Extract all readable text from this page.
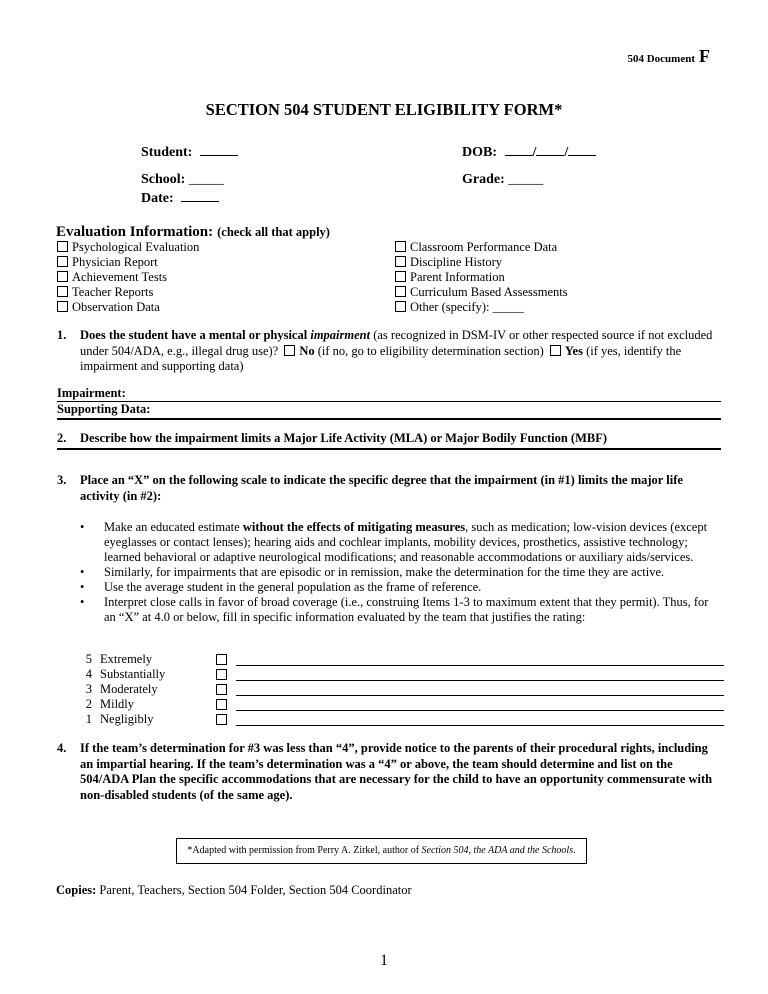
504 Document F
SECTION 504 STUDENT ELIGIBILITY FORM*
Student:	DOB:	/ /
School: _____
Date:
Grade: _____
Evaluation Information: (check all that apply)
Psychological Evaluation
Physician Report
Achievement Tests
Teacher Reports
Observation Data
Classroom Performance Data
Discipline History
Parent Information
Curriculum Based Assessments
Other (specify): _____
1. Does the student have a mental or physical impairment (as recognized in DSM-IV or other respected source if not excluded under 504/ADA, e.g., illegal drug use)? No (if no, go to eligibility determination section) Yes (if yes, identify the impairment and supporting data)
Impairment:
Supporting Data:
2. Describe how the impairment limits a Major Life Activity (MLA) or Major Bodily Function (MBF)
3. Place an “X” on the following scale to indicate the specific degree that the impairment (in #1) limits the major life activity (in #2):
• Make an educated estimate without the effects of mitigating measures, such as medication; low-vision devices (except eyeglasses or contact lenses); hearing aids and cochlear implants, mobility devices, prosthetics, assistive technology; learned behavioral or adaptive neurological modifications; and reasonable accommodations or auxiliary aids/services.
• Similarly, for impairments that are episodic or in remission, make the determination for the time they are active.
• Use the average student in the general population as the frame of reference.
• Interpret close calls in favor of broad coverage (i.e., construing Items 1-3 to maximum extent that they permit). Thus, for an “X” at 4.0 or below, fill in specific information evaluated by the team that justifies the rating:
5 Extremely
4 Substantially
3 Moderately
2 Mildly
1 Negligibly
4. If the team’s determination for #3 was less than “4”, provide notice to the parents of their procedural rights, including an impartial hearing. If the team’s determination was a “4” or above, the team should determine and list on the 504/ADA Plan the specific accommodations that are necessary for the child to have an opportunity commensurate with non-disabled students (of the same age).
*Adapted with permission from Perry A. Zirkel, author of Section 504, the ADA and the Schools.
Copies: Parent, Teachers, Section 504 Folder, Section 504 Coordinator
1
